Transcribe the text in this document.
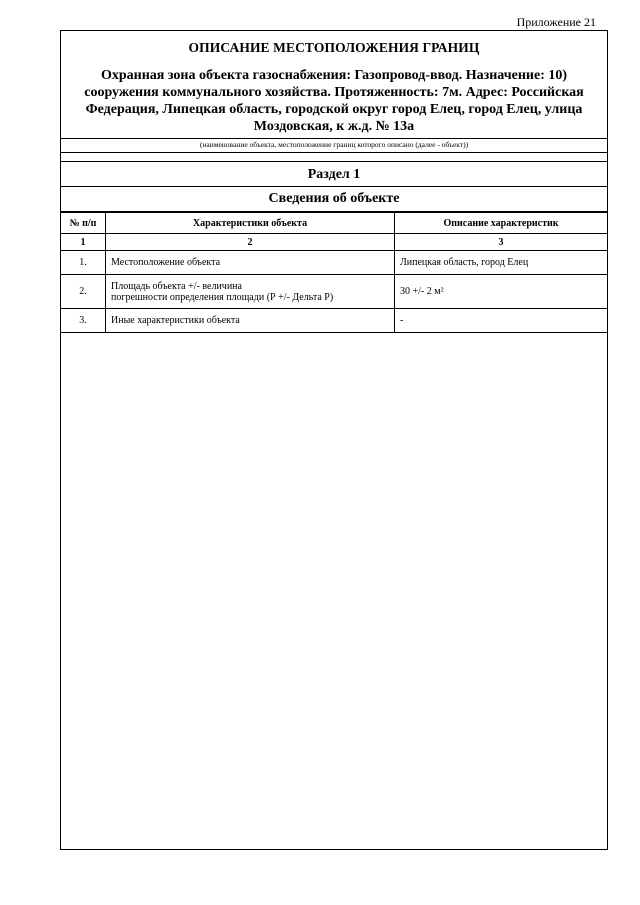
Приложение 21
ОПИСАНИЕ МЕСТОПОЛОЖЕНИЯ ГРАНИЦ
Охранная зона объекта газоснабжения: Газопровод-ввод. Назначение: 10) сооружения коммунального хозяйства. Протяженность: 7м. Адрес: Российская Федерация, Липецкая область, городской округ город Елец, город Елец, улица Моздовская, к ж.д. № 13а
(наименование объекта, местоположение границ которого описано (далее - объект))
Раздел 1
Сведения об объекте
№ п/п	Характеристики объекта	Описание характеристик
1	2	3
1.	Местоположение объекта	Липецкая область, город Елец
2.	Площадь объекта +/- величина
погрешности определения площади (Р +/- Дельта Р)	30 +/- 2 м²
3.	Иные характеристики объекта	-
